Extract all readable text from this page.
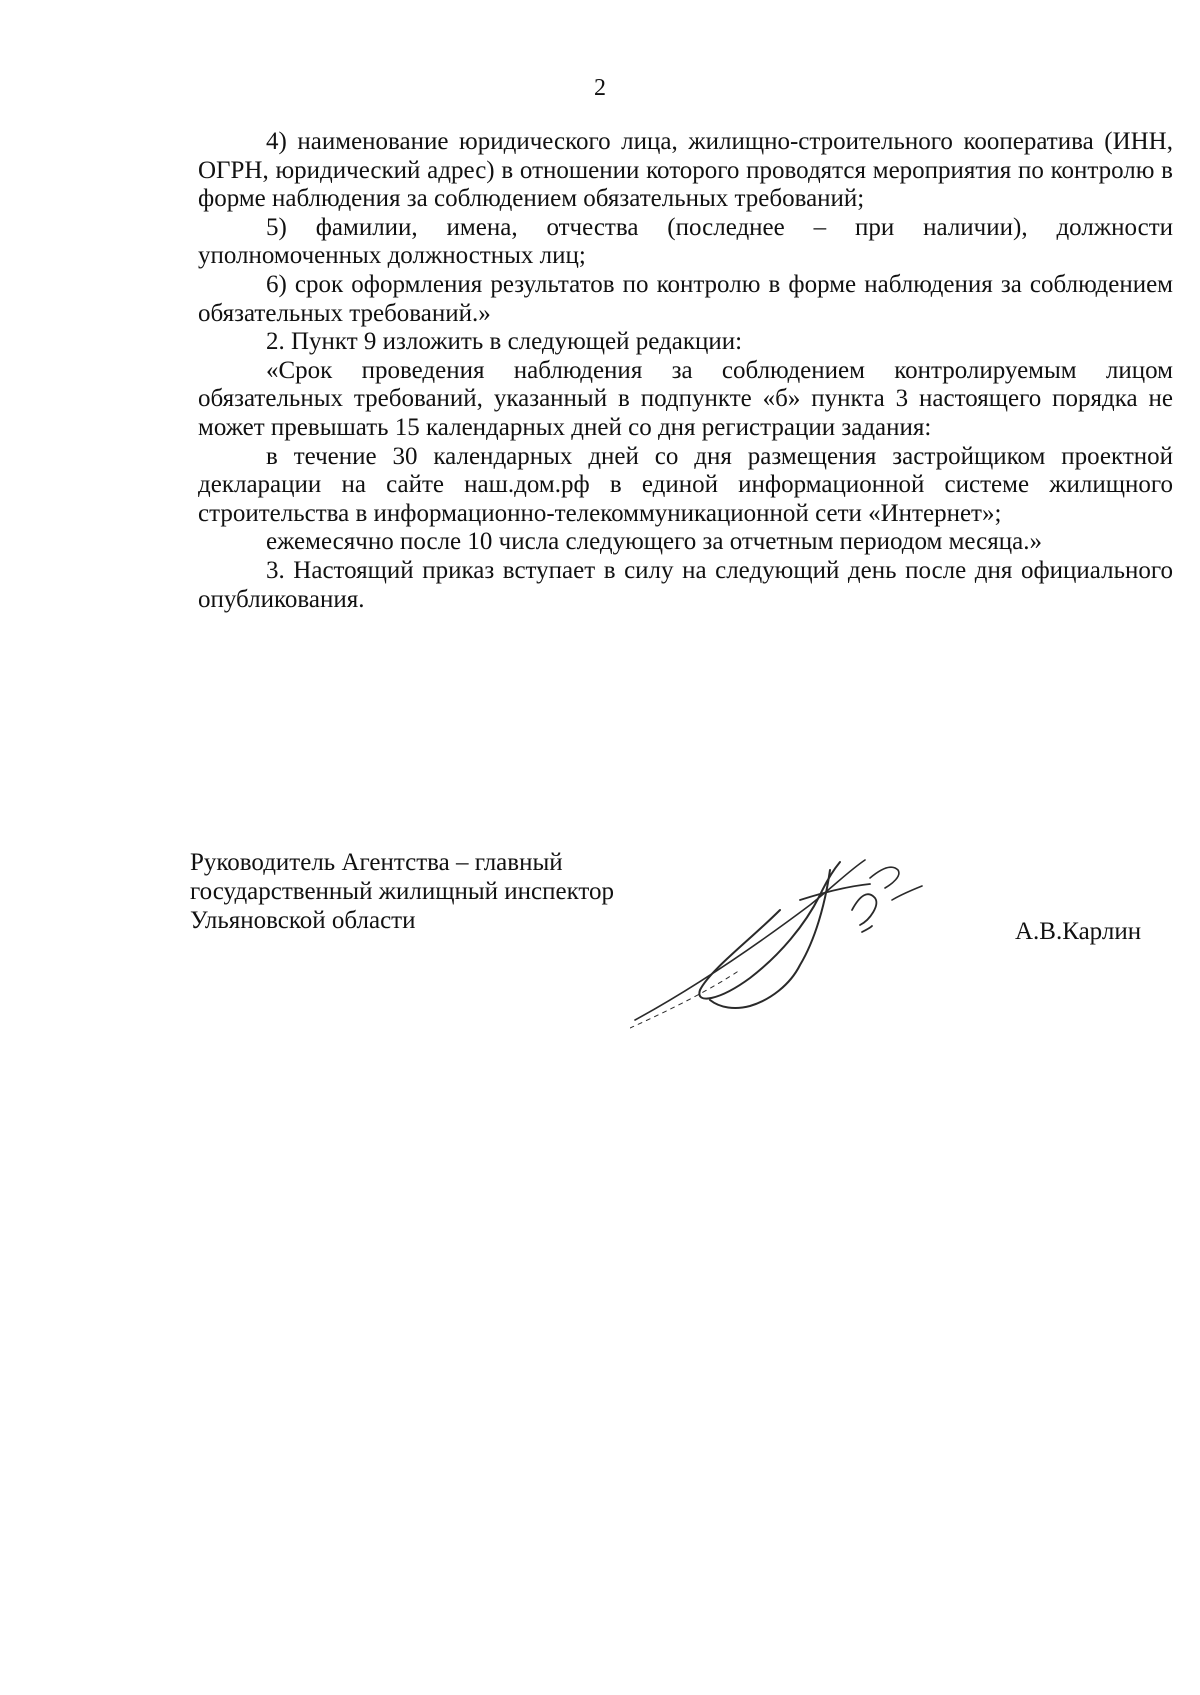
2

4) наименование юридического лица, жилищно-строительного кооператива (ИНН, ОГРН, юридический адрес) в отношении которого проводятся мероприятия по контролю в форме наблюдения за соблюдением обязательных требований;

5) фамилии, имена, отчества (последнее – при наличии), должности уполномоченных должностных лиц;

6) срок оформления результатов по контролю в форме наблюдения за соблюдением обязательных требований.»

2. Пункт 9 изложить в следующей редакции:

«Срок проведения наблюдения за соблюдением контролируемым лицом обязательных требований, указанный в подпункте «б» пункта 3 настоящего порядка не может превышать 15 календарных дней со дня регистрации задания:

в течение 30 календарных дней со дня размещения застройщиком проектной декларации на сайте наш.дом.рф в единой информационной системе жилищного строительства в информационно-телекоммуникационной сети «Интернет»;

ежемесячно после 10 числа следующего за отчетным периодом месяца.»

3. Настоящий приказ вступает в силу на следующий день после дня официального опубликования.

Руководитель Агентства – главный
государственный жилищный инспектор
Ульяновской области	А.В.Карлин
